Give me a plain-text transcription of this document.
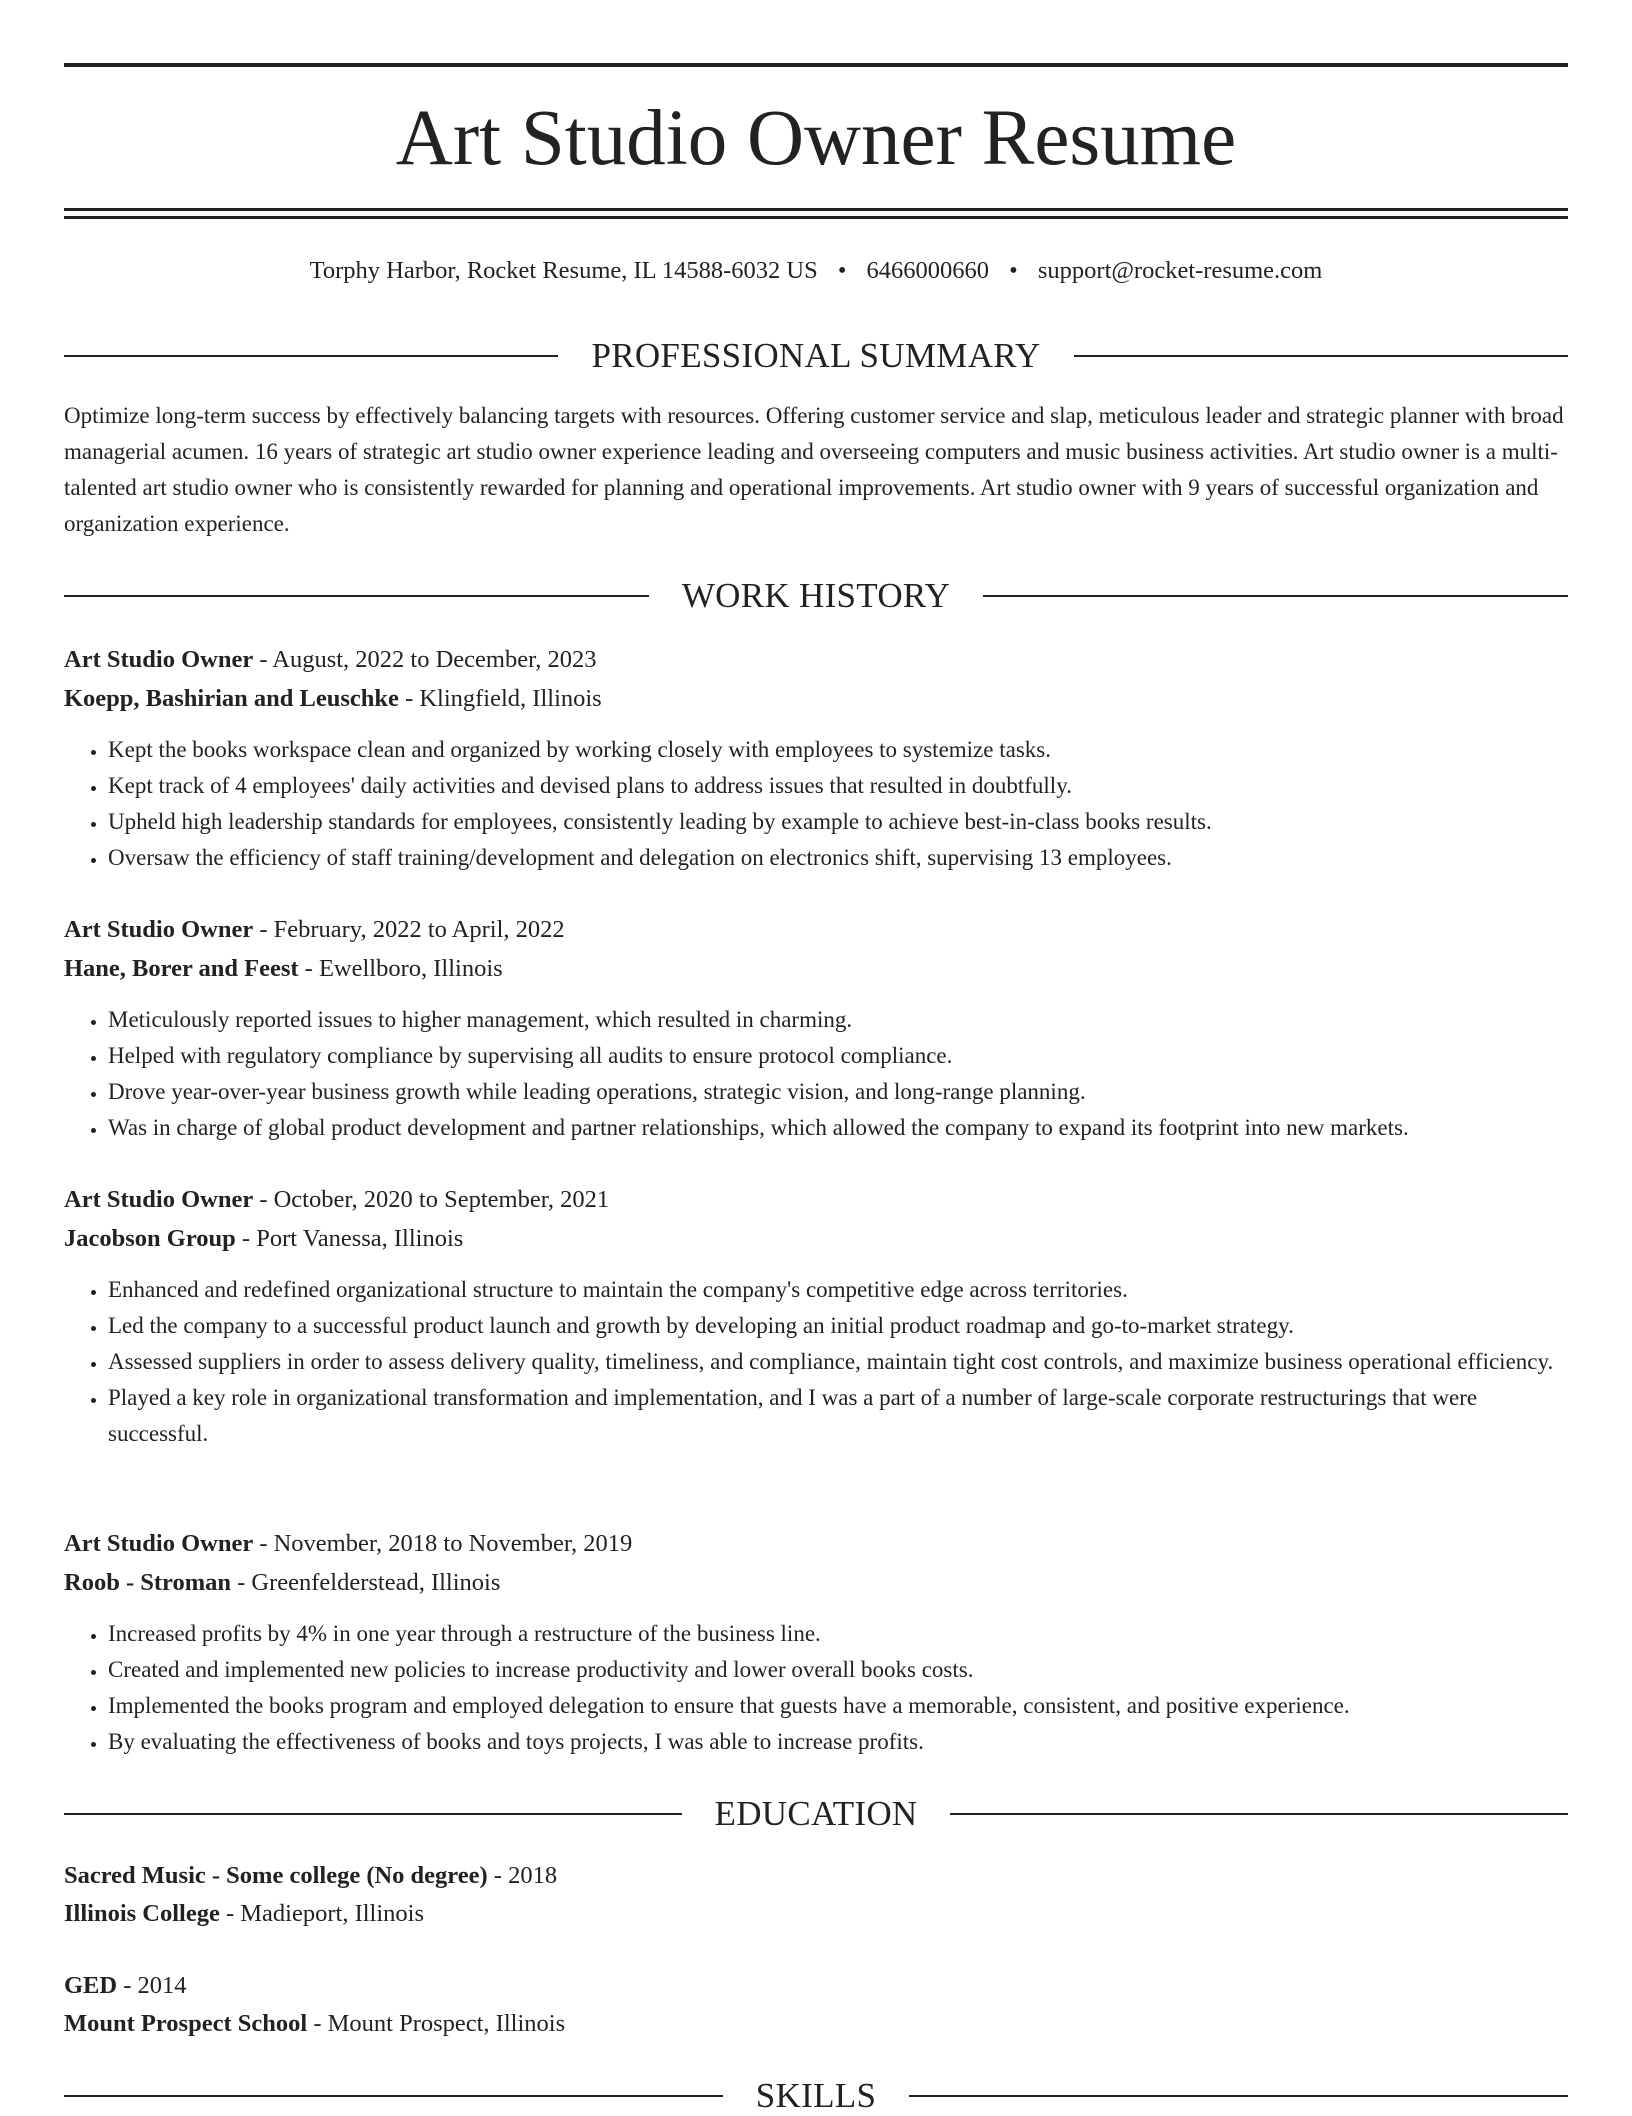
Art Studio Owner Resume
Torphy Harbor, Rocket Resume, IL 14588-6032 US • 6466000660 • support@rocket-resume.com
PROFESSIONAL SUMMARY

Optimize long-term success by effectively balancing targets with resources. Offering customer service and slap, meticulous leader and strategic planner with broad managerial acumen. 16 years of strategic art studio owner experience leading and overseeing computers and music business activities. Art studio owner is a multi-talented art studio owner who is consistently rewarded for planning and operational improvements. Art studio owner with 9 years of successful organization and organization experience.

WORK HISTORY
Art Studio Owner - August, 2022 to December, 2023
Koepp, Bashirian and Leuschke - Klingfield, Illinois
• Kept the books workspace clean and organized by working closely with employees to systemize tasks.
• Kept track of 4 employees' daily activities and devised plans to address issues that resulted in doubtfully.
• Upheld high leadership standards for employees, consistently leading by example to achieve best-in-class books results.
• Oversaw the efficiency of staff training/development and delegation on electronics shift, supervising 13 employees.
Art Studio Owner - February, 2022 to April, 2022
Hane, Borer and Feest - Ewellboro, Illinois
• Meticulously reported issues to higher management, which resulted in charming.
• Helped with regulatory compliance by supervising all audits to ensure protocol compliance.
• Drove year-over-year business growth while leading operations, strategic vision, and long-range planning.
• Was in charge of global product development and partner relationships, which allowed the company to expand its footprint into new markets.
Art Studio Owner - October, 2020 to September, 2021
Jacobson Group - Port Vanessa, Illinois
• Enhanced and redefined organizational structure to maintain the company's competitive edge across territories.
• Led the company to a successful product launch and growth by developing an initial product roadmap and go-to-market strategy.
• Assessed suppliers in order to assess delivery quality, timeliness, and compliance, maintain tight cost controls, and maximize business operational efficiency.
• Played a key role in organizational transformation and implementation, and I was a part of a number of large-scale corporate restructurings that were successful.
Art Studio Owner - November, 2018 to November, 2019
Roob - Stroman - Greenfelderstead, Illinois
• Increased profits by 4% in one year through a restructure of the business line.
• Created and implemented new policies to increase productivity and lower overall books costs.
• Implemented the books program and employed delegation to ensure that guests have a memorable, consistent, and positive experience.
• By evaluating the effectiveness of books and toys projects, I was able to increase profits.
EDUCATION
Sacred Music - Some college (No degree) - 2018
Illinois College - Madieport, Illinois
GED - 2014
Mount Prospect School - Mount Prospect, Illinois
SKILLS
